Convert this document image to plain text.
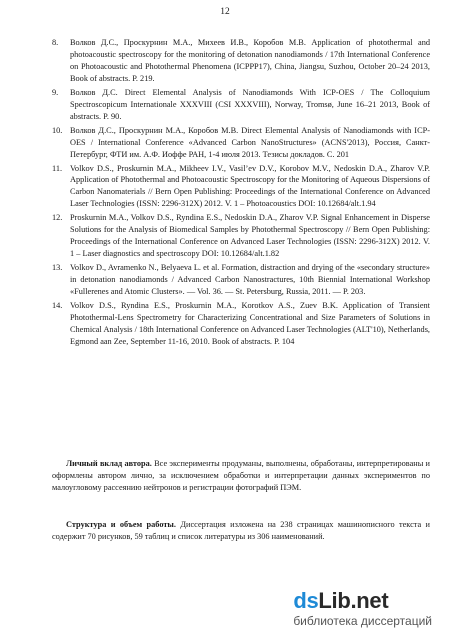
12
8.	Волков Д.С., Проскурнин М.А., Михеев И.В., Коробов М.В. Application of photothermal and photoacoustic spectroscopy for the monitoring of detonation nanodiamonds / 17th International Conference on Photoacoustic and Photothermal Phenomena (ICPPP17), China, Jiangsu, Suzhou, October 20–24 2013, Book of abstracts. P. 219.
9.	Волков Д.С. Direct Elemental Analysis of Nanodiamonds With ICP-OES / The Colloquium Spectroscopicum Internationale XXXVIII (CSI XXXVIII), Norway, Tromsø, June 16–21 2013, Book of abstracts. P. 90.
10. Волков Д.С., Проскурнин М.А., Коробов М.В. Direct Elemental Analysis of Nanodiamonds with ICP-OES / International Conference «Advanced Carbon NanoStructures» (ACNS'2013), Россия, Санкт-Петербург, ФТИ им. А.Ф. Иоффе РАН, 1-4 июля 2013. Тезисы докладов. С. 201
11. Volkov D.S., Proskurnin M.A., Mikheev I.V., Vasil’ev D.V., Korobov M.V., Nedoskin D.A., Zharov V.P. Application of Photothermal and Photoacoustic Spectroscopy for the Monitoring of Aqueous Dispersions of Carbon Nanomaterials // Bern Open Publishing: Proceedings of the International Conference on Advanced Laser Technologies (ISSN: 2296-312X) 2012. V. 1 – Photoacoustics DOI: 10.12684/alt.1.94
12. Proskurnin M.A., Volkov D.S., Ryndina E.S., Nedoskin D.A., Zharov V.P. Signal Enhancement in Disperse Solutions for the Analysis of Biomedical Samples by Photothermal Spectroscopy // Bern Open Publishing: Proceedings of the International Conference on Advanced Laser Technologies (ISSN: 2296-312X) 2012. V. 1 – Laser diagnostics and spectroscopy DOI: 10.12684/alt.1.82
13. Volkov D., Avramenko N., Belyaeva L. et al. Formation, distraction and drying of the «secondary structure» in detonation nanodiamonds / Advanced Carbon Nanostractures, 10th Biennial International Workshop «Fullerenes and Atomic Clusters». — Vol. 36. — St. Petersburg, Russia, 2011. — P. 203.
14. Volkov D.S., Ryndina E.S., Proskurnin M.A., Korotkov A.S., Zuev B.K. Application of Transient Photothermal-Lens Spectrometry for Characterizing Concentrational and Size Parameters of Solutions in Chemical Analysis / 18th International Conference on Advanced Laser Technologies (ALT'10), Netherlands, Egmond aan Zee, September 11-16, 2010. Book of abstracts. P. 104

Личный вклад автора. Все эксперименты продуманы, выполнены, обработаны, интерпретированы и оформлены автором лично, за исключением обработки и интерпретации данных экспериментов по малоугловому рассеянию нейтронов и регистрации фотографий ПЭМ.

Структура и объем работы. Диссертация изложена на 238 страницах машинописного текста и содержит 70 рисунков, 59 таблиц и список литературы из 306 наименований.

dsLib.net
библиотека диссертаций
